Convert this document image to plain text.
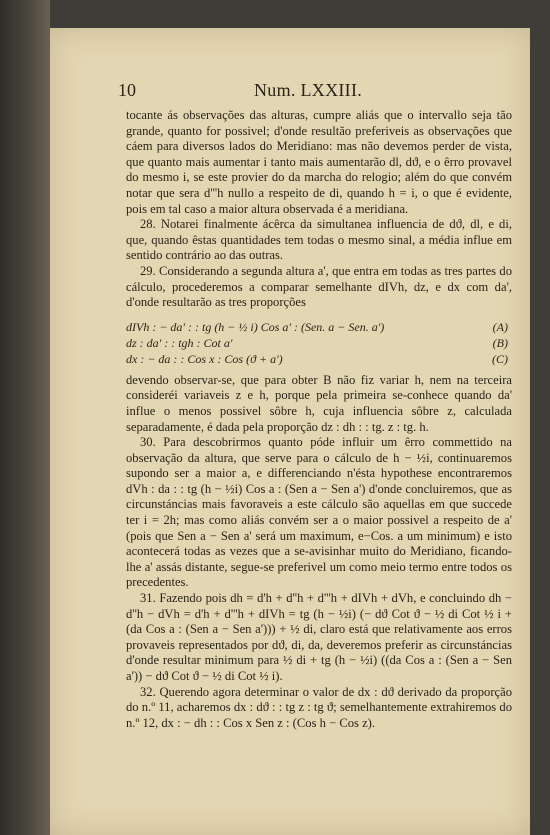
10	Num. LXXIII.

tocante ás observações das alturas, cumpre aliás que o intervallo seja tão grande, quanto for possivel; d'onde resultão preferiveis as observações que cáem para diversos lados do Meridiano: mas não devemos perder de vista, que quanto mais aumentar i tanto mais aumentarão dl, dϑ, e o êrro provavel do mesmo i, se este provier do da marcha do relogio; além do que convém notar que sera d'''h nullo a respeito de di, quando h = i, o que é evidente, pois em tal caso a maior altura observada é a meridiana.

28. Notarei finalmente ácêrca da simultanea influencia de dϑ, dl, e di, que, quando êstas quantidades tem todas o mesmo sinal, a média influe em sentido contrário ao das outras.

29. Considerando a segunda altura a', que entra em todas as tres partes do cálculo, procederemos a comparar semelhante dIVh, dz, e dx com da', d'onde resultarão as tres proporções

dIVh : − da' : : tg (h − ½ i) Cos a' : (Sen. a − Sen. a')	(A)
dz : da' : : tgh : Cot a'	(B)
dx : − da : : Cos x : Cos (ϑ + a')	(C)

devendo observar-se, que para obter B não fiz variar h, nem na terceira consideréi variaveis z e h, porque pela primeira se-conhece quando da' influe o menos possivel sôbre h, cuja influencia sôbre z, calculada separadamente, é dada pela proporção dz : dh : : tg. z : tg. h.

30. Para descobrirmos quanto póde influir um êrro commettido na observação da altura, que serve para o cálculo de h − ½i, continuaremos supondo ser a maior a, e differenciando n'ésta hypothese encontraremos dVh : da : : tg (h − ½i) Cos a : (Sen a − Sen a') d'onde concluiremos, que as circunstáncias mais favoraveis a este cálculo são aquellas em que succede ter i = 2h; mas como aliás convém ser a o maior possivel a respeito de a' (pois que Sen a − Sen a' será um maximum, e−Cos. a um minimum) e isto acontecerá todas as vezes que a se-avisinhar muito do Meridiano, ficando-lhe a' assás distante, segue-se preferivel um como meio termo entre todos os precedentes.

31. Fazendo pois dh = d'h + d''h + d'''h + dIVh + dVh, e concluindo dh − d''h − dVh = d'h + d'''h + dIVh = tg (h − ½i) (− dϑ Cot ϑ − ½ di Cot ½ i + (da Cos a : (Sen a − Sen a'))) + ½ di, claro está que relativamente aos erros provaveis representados por dϑ, di, da, deveremos preferir as circunstáncias d'onde resultar minimum para ½ di + tg (h − ½i) ((da Cos a : (Sen a − Sen a')) − dϑ Cot ϑ − ½ di Cot ½ i).

32. Querendo agora determinar o valor de dx : dϑ derivado da proporção do n.º 11, acharemos dx : dϑ : : tg z : tg ϑ; semelhantemente extrahiremos do n.º 12, dx : − dh : : Cos x Sen z : (Cos h − Cos z).
